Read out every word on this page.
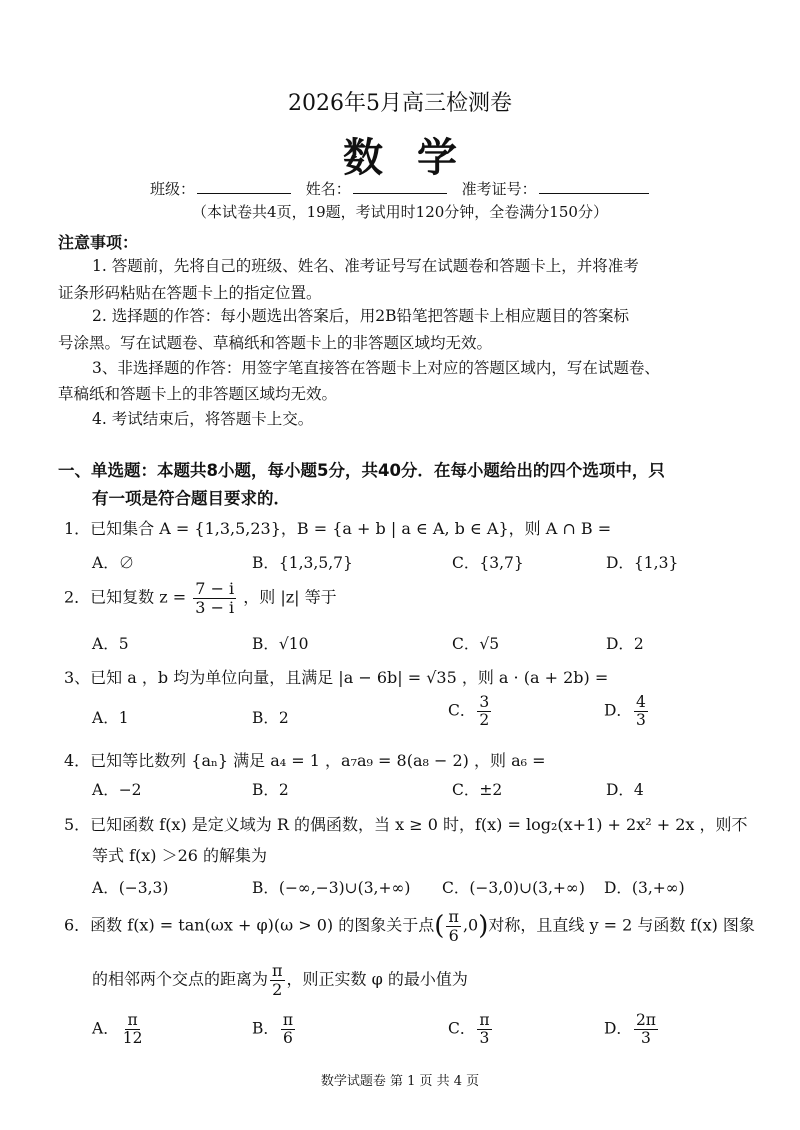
2026年5月高三检测卷
数学
班级：	姓名：	准考证号：
（本试卷共4页，19题，考试用时120分钟，全卷满分150分）
注意事项：
1. 答题前，先将自己的班级、姓名、准考证号写在试题卷和答题卡上，并将准考
证条形码粘贴在答题卡上的指定位置。
2. 选择题的作答：每小题选出答案后，用2B铅笔把答题卡上相应题目的答案标
号涂黑。写在试题卷、草稿纸和答题卡上的非答题区域均无效。
3、非选择题的作答：用签字笔直接答在答题卡上对应的答题区域内，写在试题卷、
草稿纸和答题卡上的非答题区域均无效。
4. 考试结束后，将答题卡上交。
一、单选题：本题共8小题，每小题5分，共40分．在每小题给出的四个选项中，只
有一项是符合题目要求的．
1．已知集合 A = {1,3,5,23}，B = {a + b | a ∈ A, b ∈ A}，则 A ∩ B =
A．∅	B．{1,3,5,7}	C．{3,7}	D．{1,3}
2．已知复数 $z = \frac{7 - i}{3 - i}$ ，则 |z| 等于
A．5	B．√10	C．√5	D．2
3、已知 a ，b 均为单位向量，且满足 |a − 6b| = √35 ，则 a · (a + 2b) =
A．1	B．2	C． $\frac{3}{2}$	D． $\frac{4}{3}$
4．已知等比数列 {aₙ} 满足 a₄ = 1 ，a₇a₉ = 8(a₈ − 2) ，则 a₆ =
A．−2	B．2	C．±2	D．4
5．已知函数 f(x) 是定义域为 R 的偶函数，当 x ≥ 0 时，f(x) = log₂(x+1) + 2x² + 2x ，则不
等式 f(x) ＞26 的解集为
A．(−3,3)	B．(−∞,−3)∪(3,+∞) C．(−3,0)∪(3,+∞) D．(3,+∞)
6．函数 f(x) = tan(ωx + φ)(ω > 0) 的图象关于点( $\frac{\pi}{6} ,0$)对称，且直线 y = 2 与函数 f(x) 图象
的相邻两个交点的距离为 $\frac{\pi}{2}$ ，则正实数 φ 的最小值为
A． $\frac{\pi}{12}$	B． $\frac{\pi}{6}$	C． $\frac{\pi}{3}$	D． $\frac{2\pi}{3}$
数学试题卷 第 1 页 共 4 页
